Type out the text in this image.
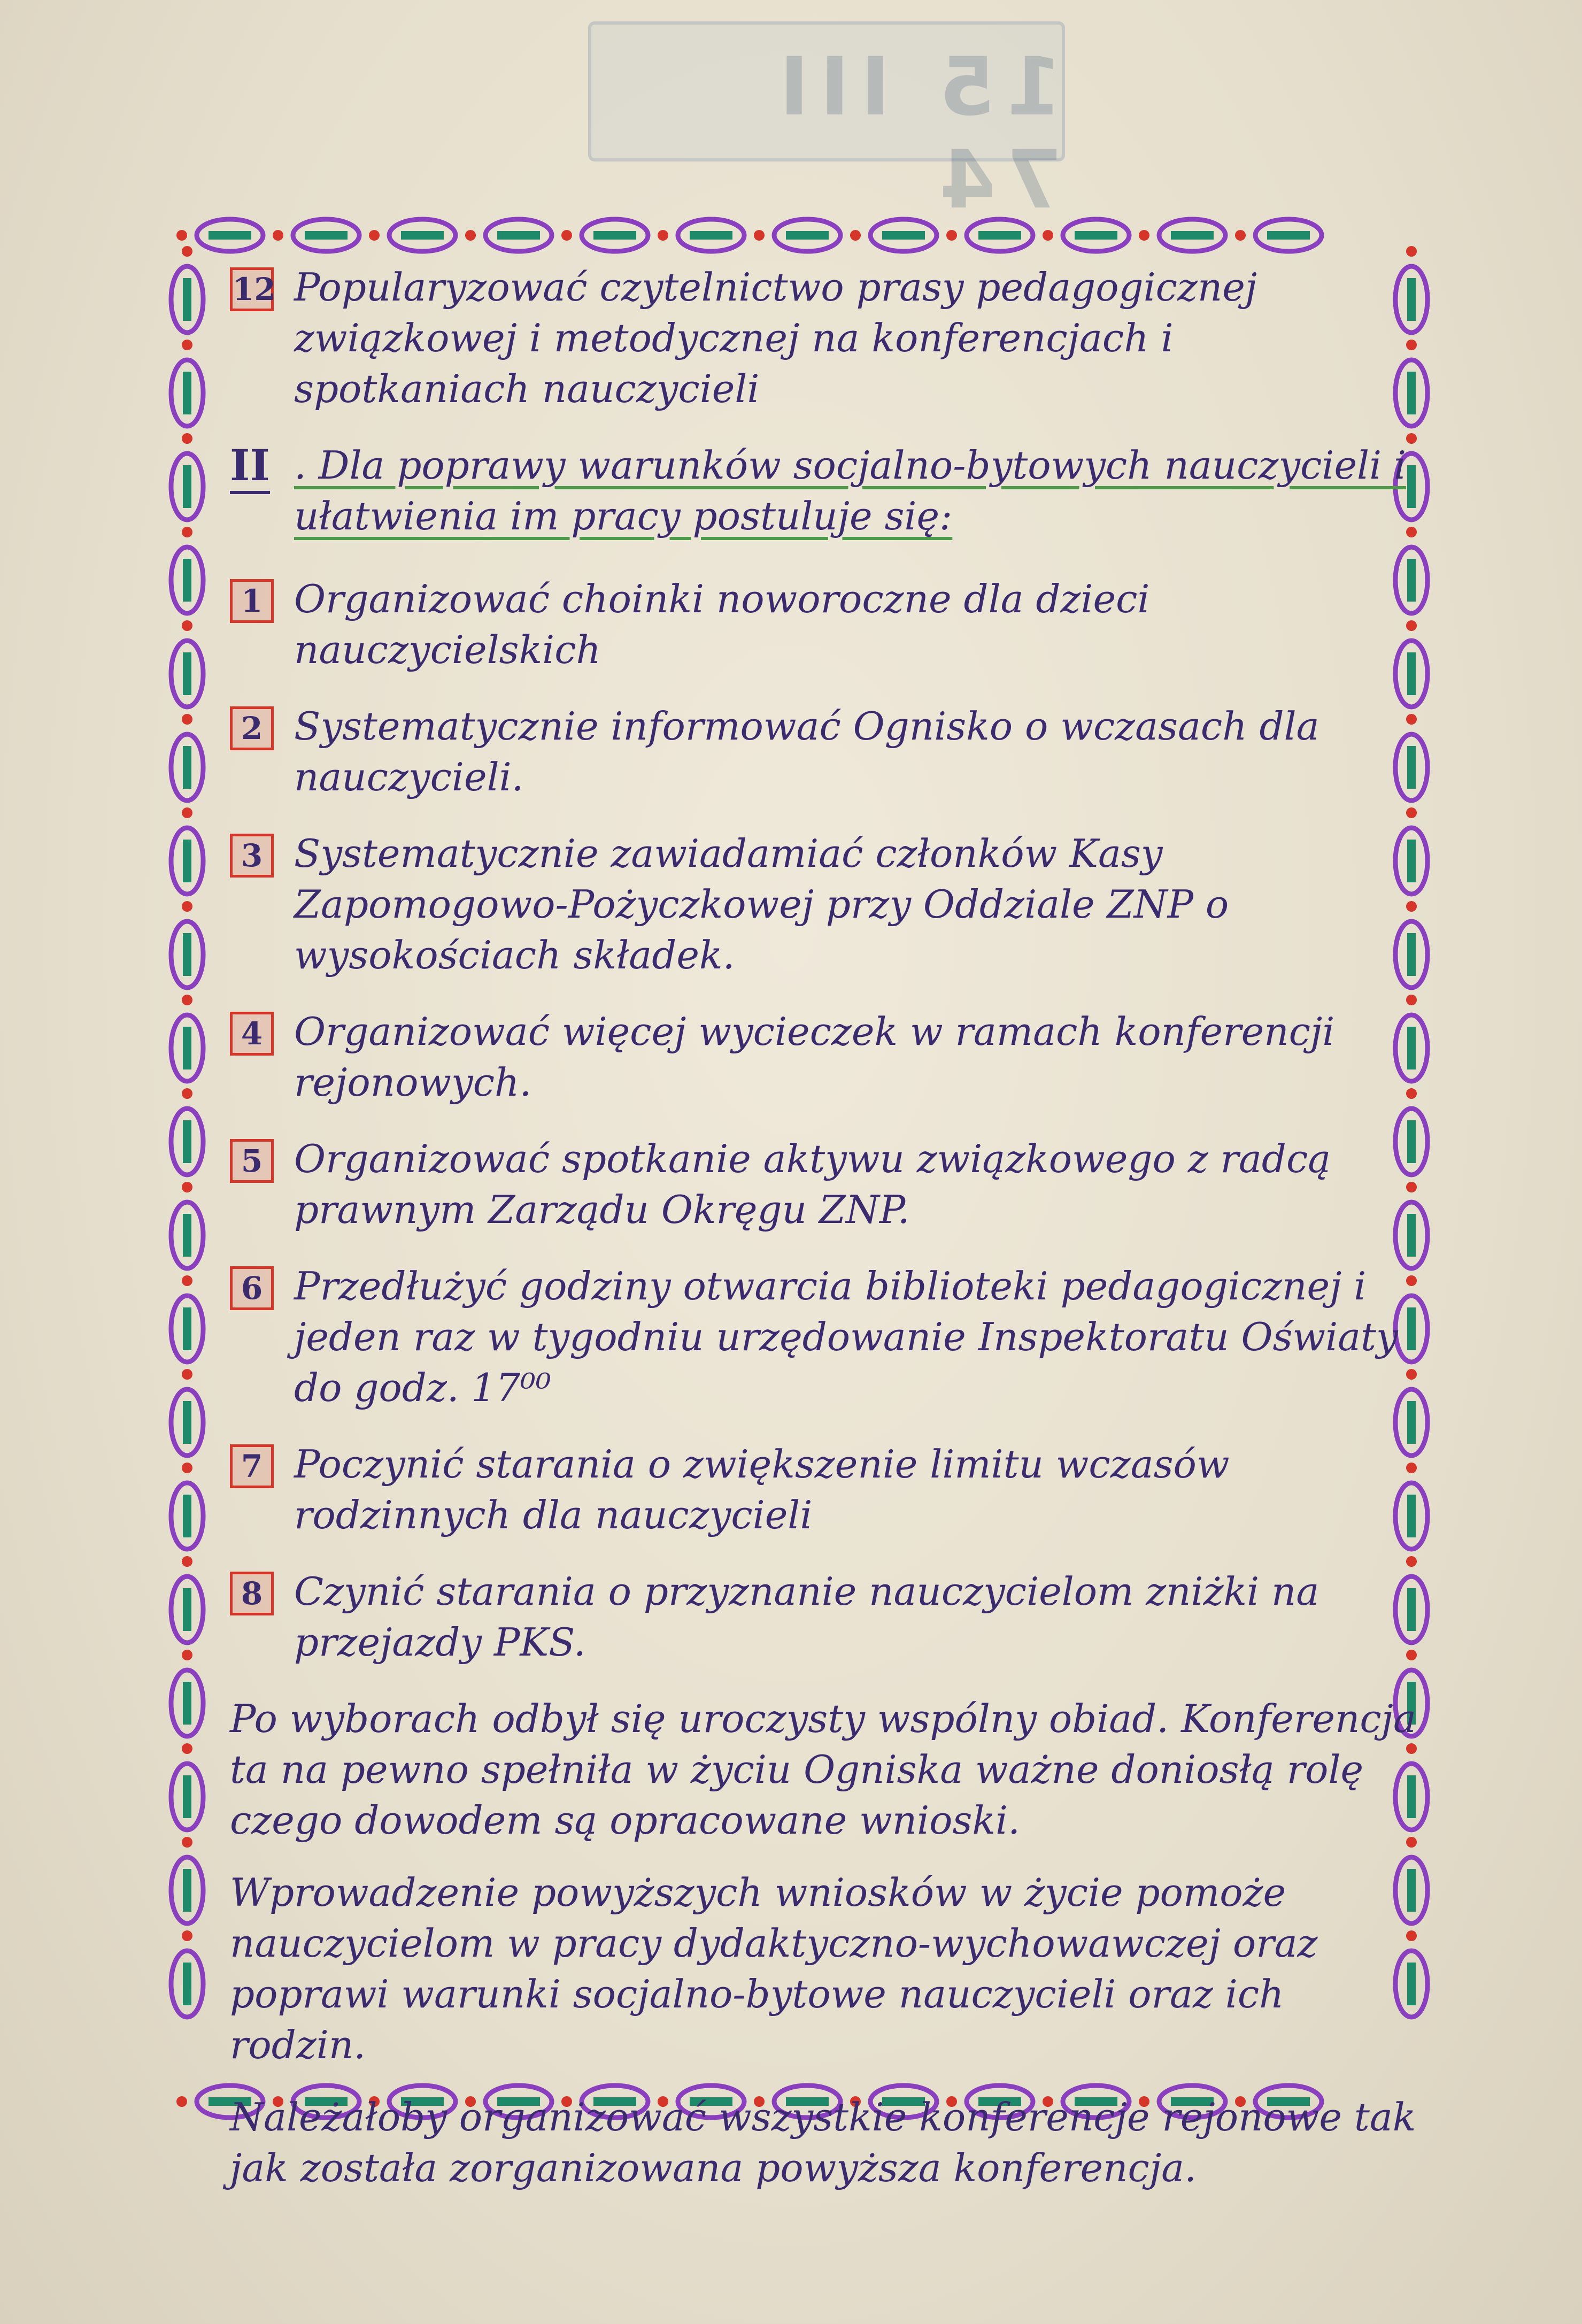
15 III 74
12 Popularyzować czytelnictwo prasy pedagogicznej związkowej i metodycznej na konferencjach i spotkaniach nauczycieli
II . Dla poprawy warunków socjalno-bytowych nauczycieli i ułatwienia im pracy postuluje się:
1 Organizować choinki noworoczne dla dzieci nauczycielskich
2 Systematycznie informować Ognisko o wczasach dla nauczycieli.
3 Systematycznie zawiadamiać członków Kasy Zapomogowo-Pożyczkowej przy Oddziale ZNP o wysokościach składek.
4 Organizować więcej wycieczek w ramach konferencji rejonowych.
5 Organizować spotkanie aktywu związkowego z radcą prawnym Zarządu Okręgu ZNP.
6 Przedłużyć godziny otwarcia biblioteki pedagogicznej i jeden raz w tygodniu urzędowanie Inspektoratu Oświaty do godz. 17⁰⁰
7 Poczynić starania o zwiększenie limitu wczasów rodzinnych dla nauczycieli
8 Czynić starania o przyznanie nauczycielom zniżki na przejazdy PKS.

Po wyborach odbył się uroczysty wspólny obiad. Konferencja ta na pewno spełniła w życiu Ogniska ważne doniosłą rolę czego dowodem są opracowane wnioski.

Wprowadzenie powyższych wniosków w życie pomoże nauczycielom w pracy dydaktyczno-wychowawczej oraz poprawi warunki socjalno-bytowe nauczycieli oraz ich rodzin.

Należałoby organizować wszystkie konferencje rejonowe tak jak została zorganizowana powyższa konferencja.
